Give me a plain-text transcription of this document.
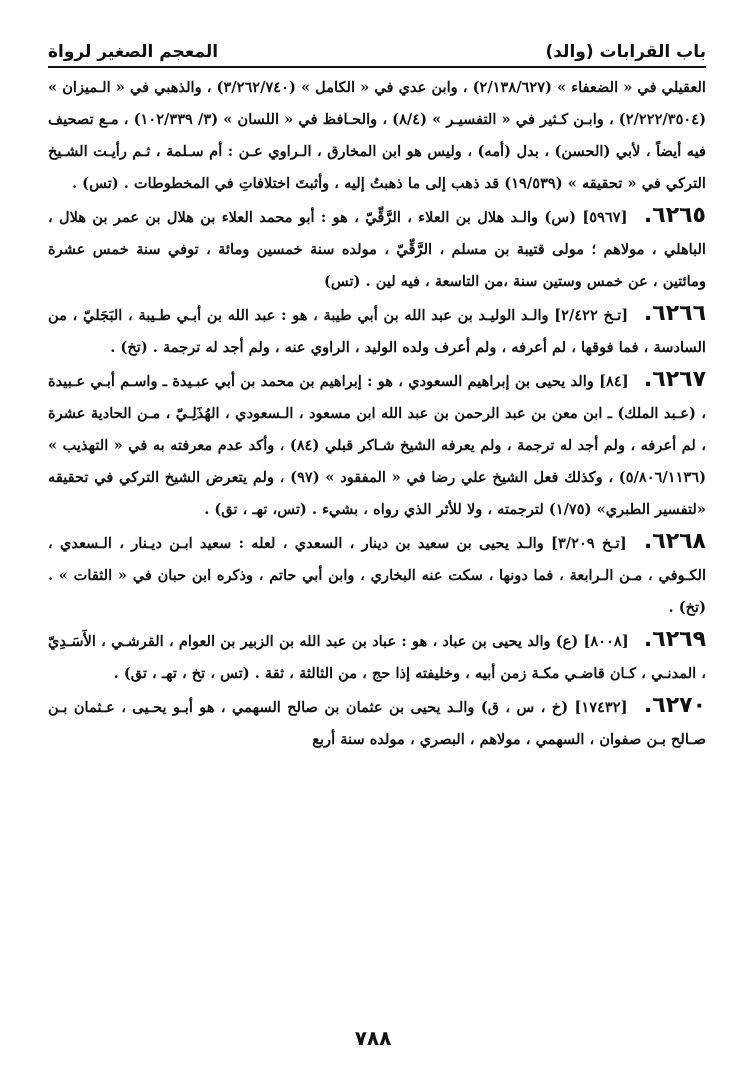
باب القرابات (والد)
المعجم الصغير لرواة

العقيلي في « الضعفاء » (٢/١٣٨/٦٢٧) ، وابن عدي في « الكامل » (٣/٢٦٢/٧٤٠) ، والذهبي في « الـميزان » (٢/٢٢٢/٣٥٠٤) ، وابـن كـثير في « التفسيـر » (٨/٤) ، والحـافظ في « اللسان » (٣/ ١٠٢/٣٣٩) ، مـع تصحيف فيه أيضاً ، لأبي (الحسن) ، بدل (أمه) ، وليس هو ابن المخارق ، الـراوي عـن : أم سـلمة ، ثـم رأيـت الشـيخ التركي في « تحقيقه » (١٩/٥٣٩) قد ذهب إلى ما ذهبتُ إليه ، وأثبتَ اختلافاتِ في المخطوطات . (تس) .

٦٢٦٥. [٥٩٦٧] (س) والـد هلال بن العلاء ، الرَّقِّيّ ، هو : أبو محمد العلاء بن هلال بن عمر بن هلال ، الباهلي ، مولاهم ؛ مولى قتيبة بن مسلم ، الرَّقِّيّ ، مولده سنة خمسين ومائة ، توفي سنة خمس عشرة ومائتين ، عن خمس وستين سنة ،من التاسعة ، فيه لين . (تس)

٦٢٦٦. [تـخ ٢/٤٢٢] والـد الوليـد بن عبد الله بن أبي طيبة ، هو : عبد الله بن أبـي طـيبة ، البَجَليّ ، من السادسة ، فما فوقها ، لم أعرفه ، ولم أعرف ولده الوليد ، الراوي عنه ، ولم أجد له ترجمة . (تخ) .

٦٢٦٧. [٨٤] والد يحيى بن إبراهيم السعودي ، هو : إبراهيم بن محمد بن أبي عبـيدة ـ واسـم أبـي عـبيدة ، (عـبد الملك) ـ ابن معن بن عبد الرحمن بن عبد الله ابن مسعود ، الـسعودي ، الهُذَلِـيّ ، مـن الحادية عشرة ، لم أعرفه ، ولم أجد له ترجمة ، ولم يعرفه الشيخ شـاكر قبلي (٨٤) ، وأكد عدم معرفته به في « التهذيب » (٥/٨٠٦/١١٣٦) ، وكذلك فعل الشيخ علي رضا في « المفقود » (٩٧) ، ولم يتعرض الشيخ التركي في تحقيقه «لتفسير الطبري» (١/٧٥) لترجمته ، ولا للأثر الذي رواه ، بشيء . (تس، تهـ ، تق) .

٦٢٦٨. [تـخ ٣/٢٠٩] والـد يحيى بن سعيد بن دينار ، السعدي ، لعله : سعيد ابـن ديـنار ، الـسعدي ، الكـوفي ، مـن الـرابعة ، فما دونها ، سكت عنه البخاري ، وابن أبي حاتم ، وذكره ابن حبان في « الثقات » . (تخ) .

٦٢٦٩. [٨٠٠٨] (ع) والد يحيى بن عباد ، هو : عباد بن عبد الله بن الزبير بن العوام ، القرشـي ، الأَسَـدِيّ ، المدنـي ، كـان قاضـي مكـة زمن أبيه ، وخليفته إذا حج ، من الثالثة ، ثقة . (تس ، تخ ، تهـ ، تق) .

٦٢٧٠. [١٧٤٣٢] (خ ، س ، ق) والـد يحيى بن عثمان بن صالح السهمي ، هو أبـو يحـيى ، عـثمان بـن صـالح بـن صفوان ، السهمي ، مولاهم ، البصري ، مولده سنة أربع

٧٨٨
